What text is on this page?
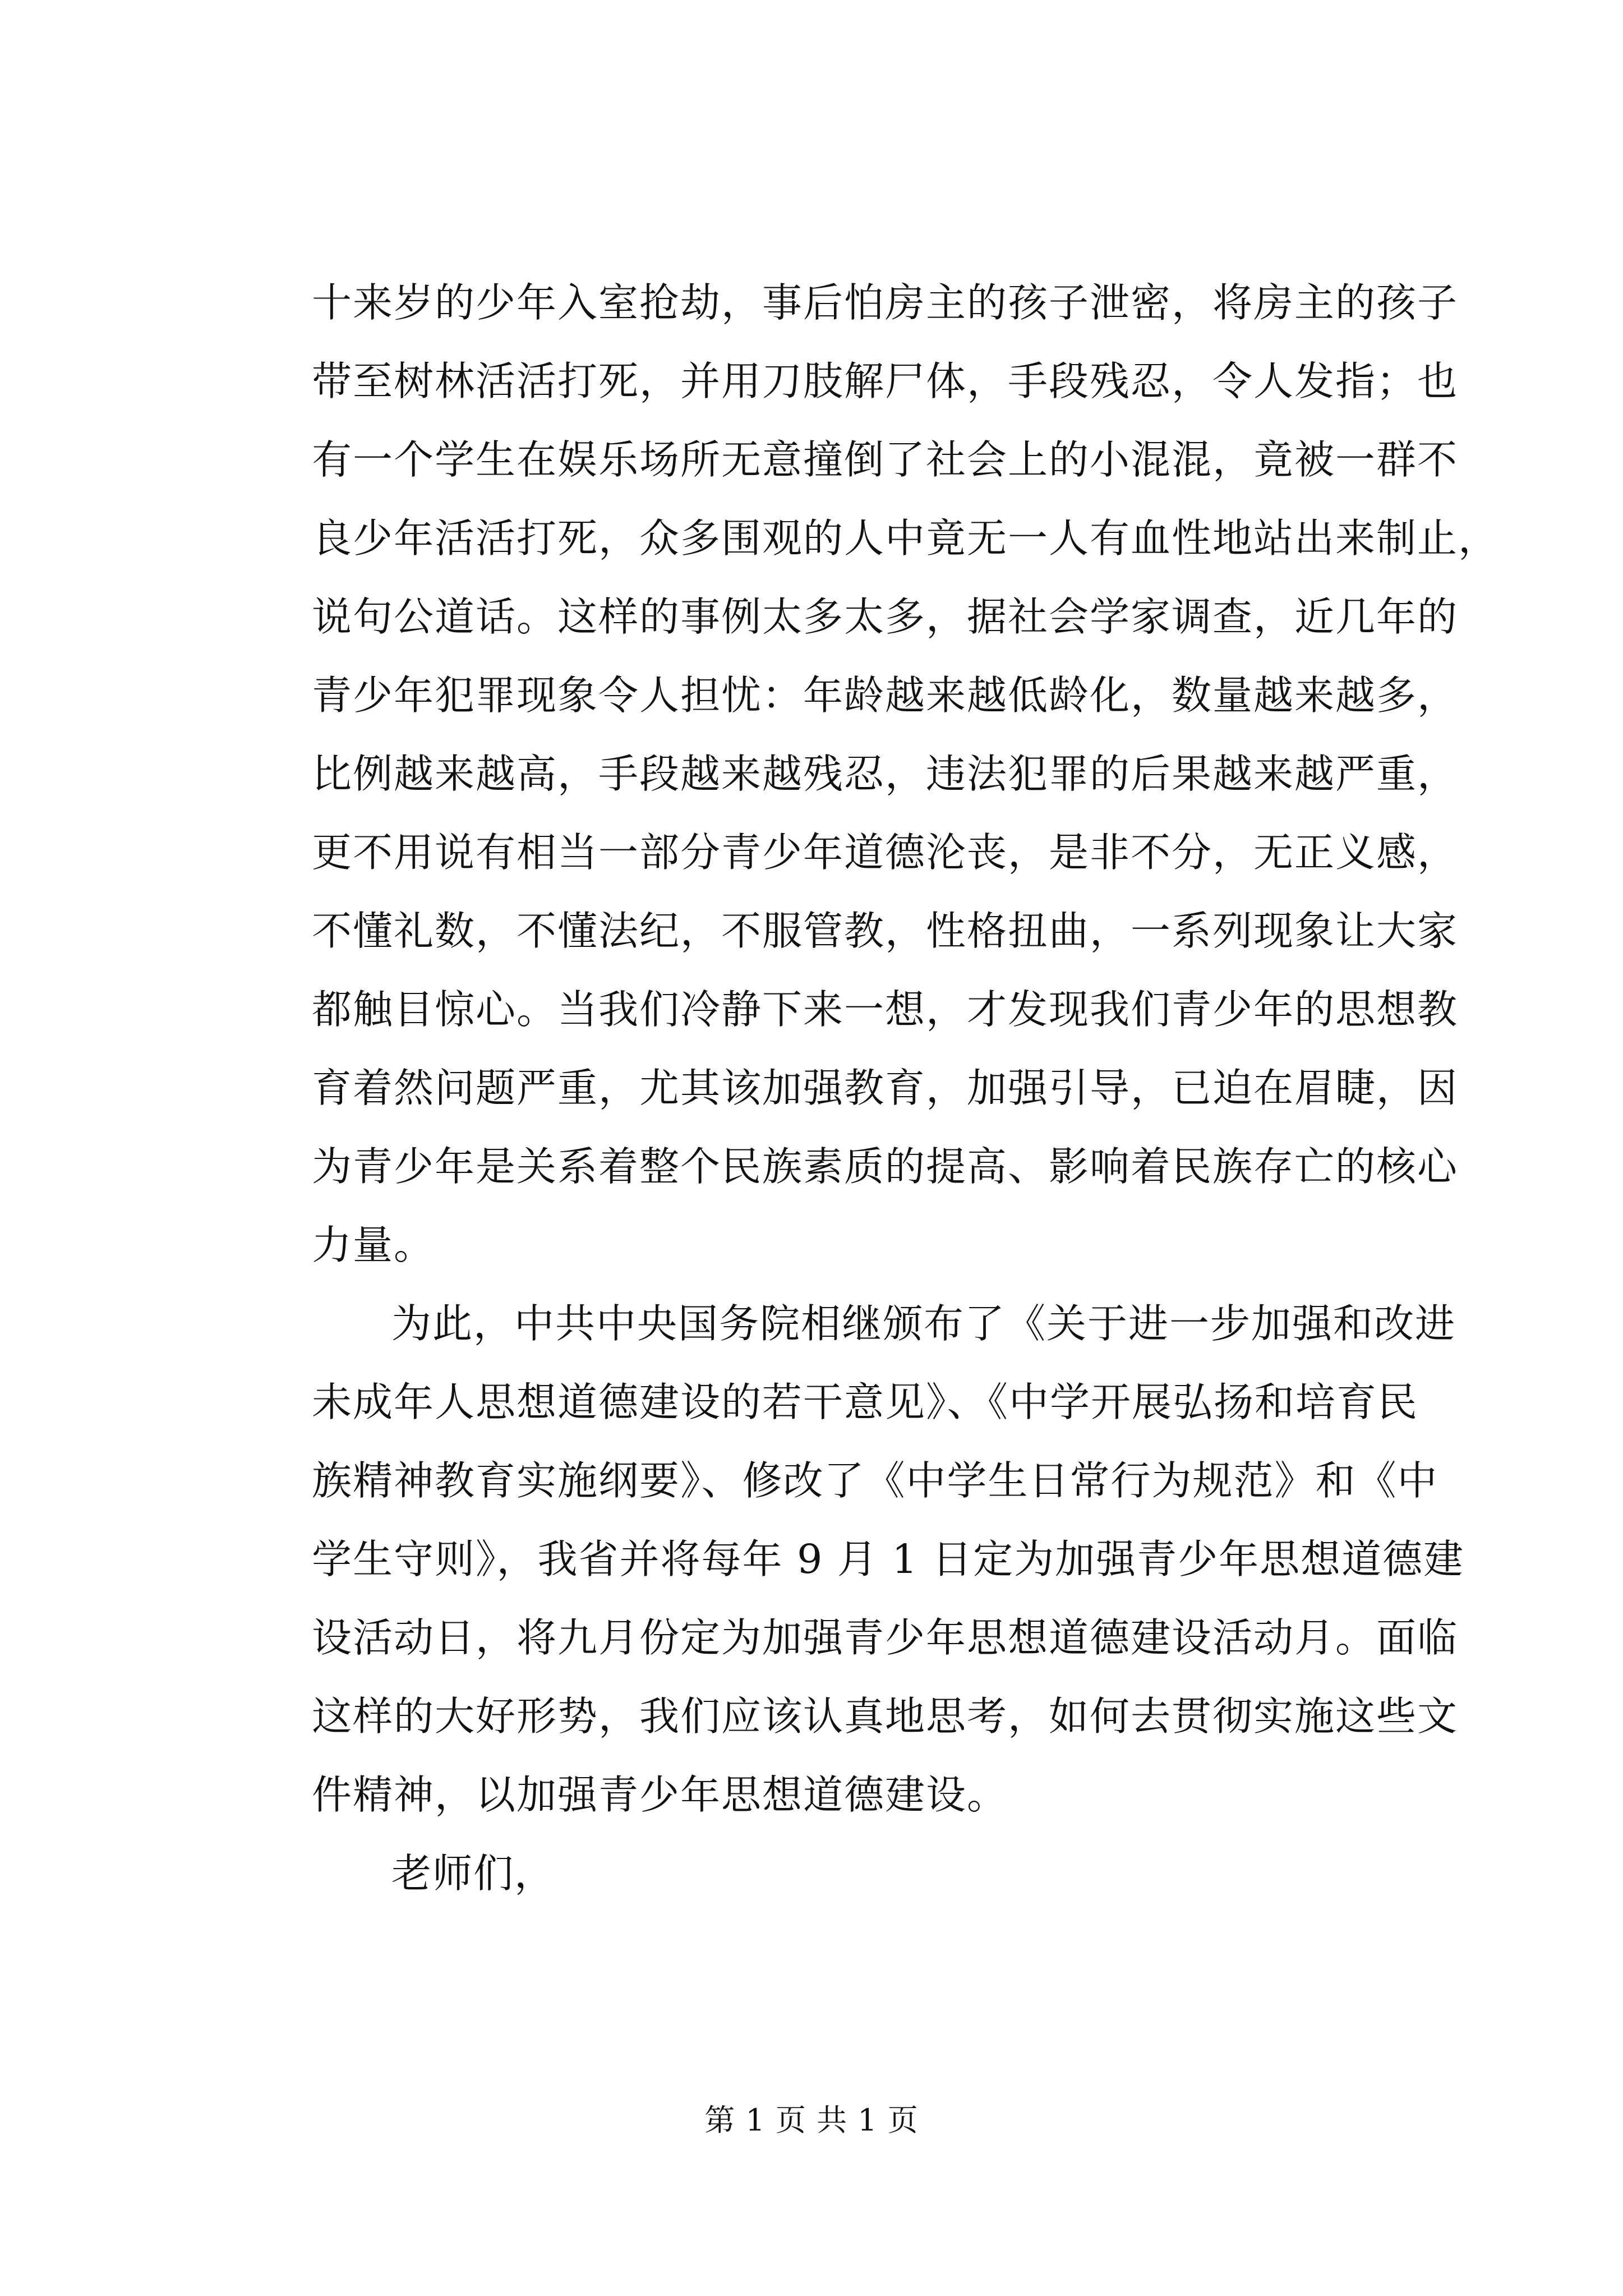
十来岁的少年入室抢劫，事后怕房主的孩子泄密，将房主的孩子
带至树林活活打死，并用刀肢解尸体，手段残忍，令人发指；也
有一个学生在娱乐场所无意撞倒了社会上的小混混，竟被一群不
良少年活活打死，众多围观的人中竟无一人有血性地站出来制止，
说句公道话。这样的事例太多太多，据社会学家调查，近几年的
青少年犯罪现象令人担忧：年龄越来越低龄化，数量越来越多，
比例越来越高，手段越来越残忍，违法犯罪的后果越来越严重，
更不用说有相当一部分青少年道德沦丧，是非不分，无正义感，
不懂礼数，不懂法纪，不服管教，性格扭曲，一系列现象让大家
都触目惊心。当我们冷静下来一想，才发现我们青少年的思想教
育着然问题严重，尤其该加强教育，加强引导，已迫在眉睫，因
为青少年是关系着整个民族素质的提高、影响着民族存亡的核心
力量。
为此，中共中央国务院相继颁布了《关于进一步加强和改进
未成年人思想道德建设的若干意见》、《中学开展弘扬和培育民
族精神教育实施纲要》、修改了《中学生日常行为规范》和《中
学生守则》，我省并将每年 9 月 1 日定为加强青少年思想道德建
设活动日，将九月份定为加强青少年思想道德建设活动月。面临
这样的大好形势，我们应该认真地思考，如何去贯彻实施这些文
件精神，以加强青少年思想道德建设。
老师们，
第 1 页 共 1 页
